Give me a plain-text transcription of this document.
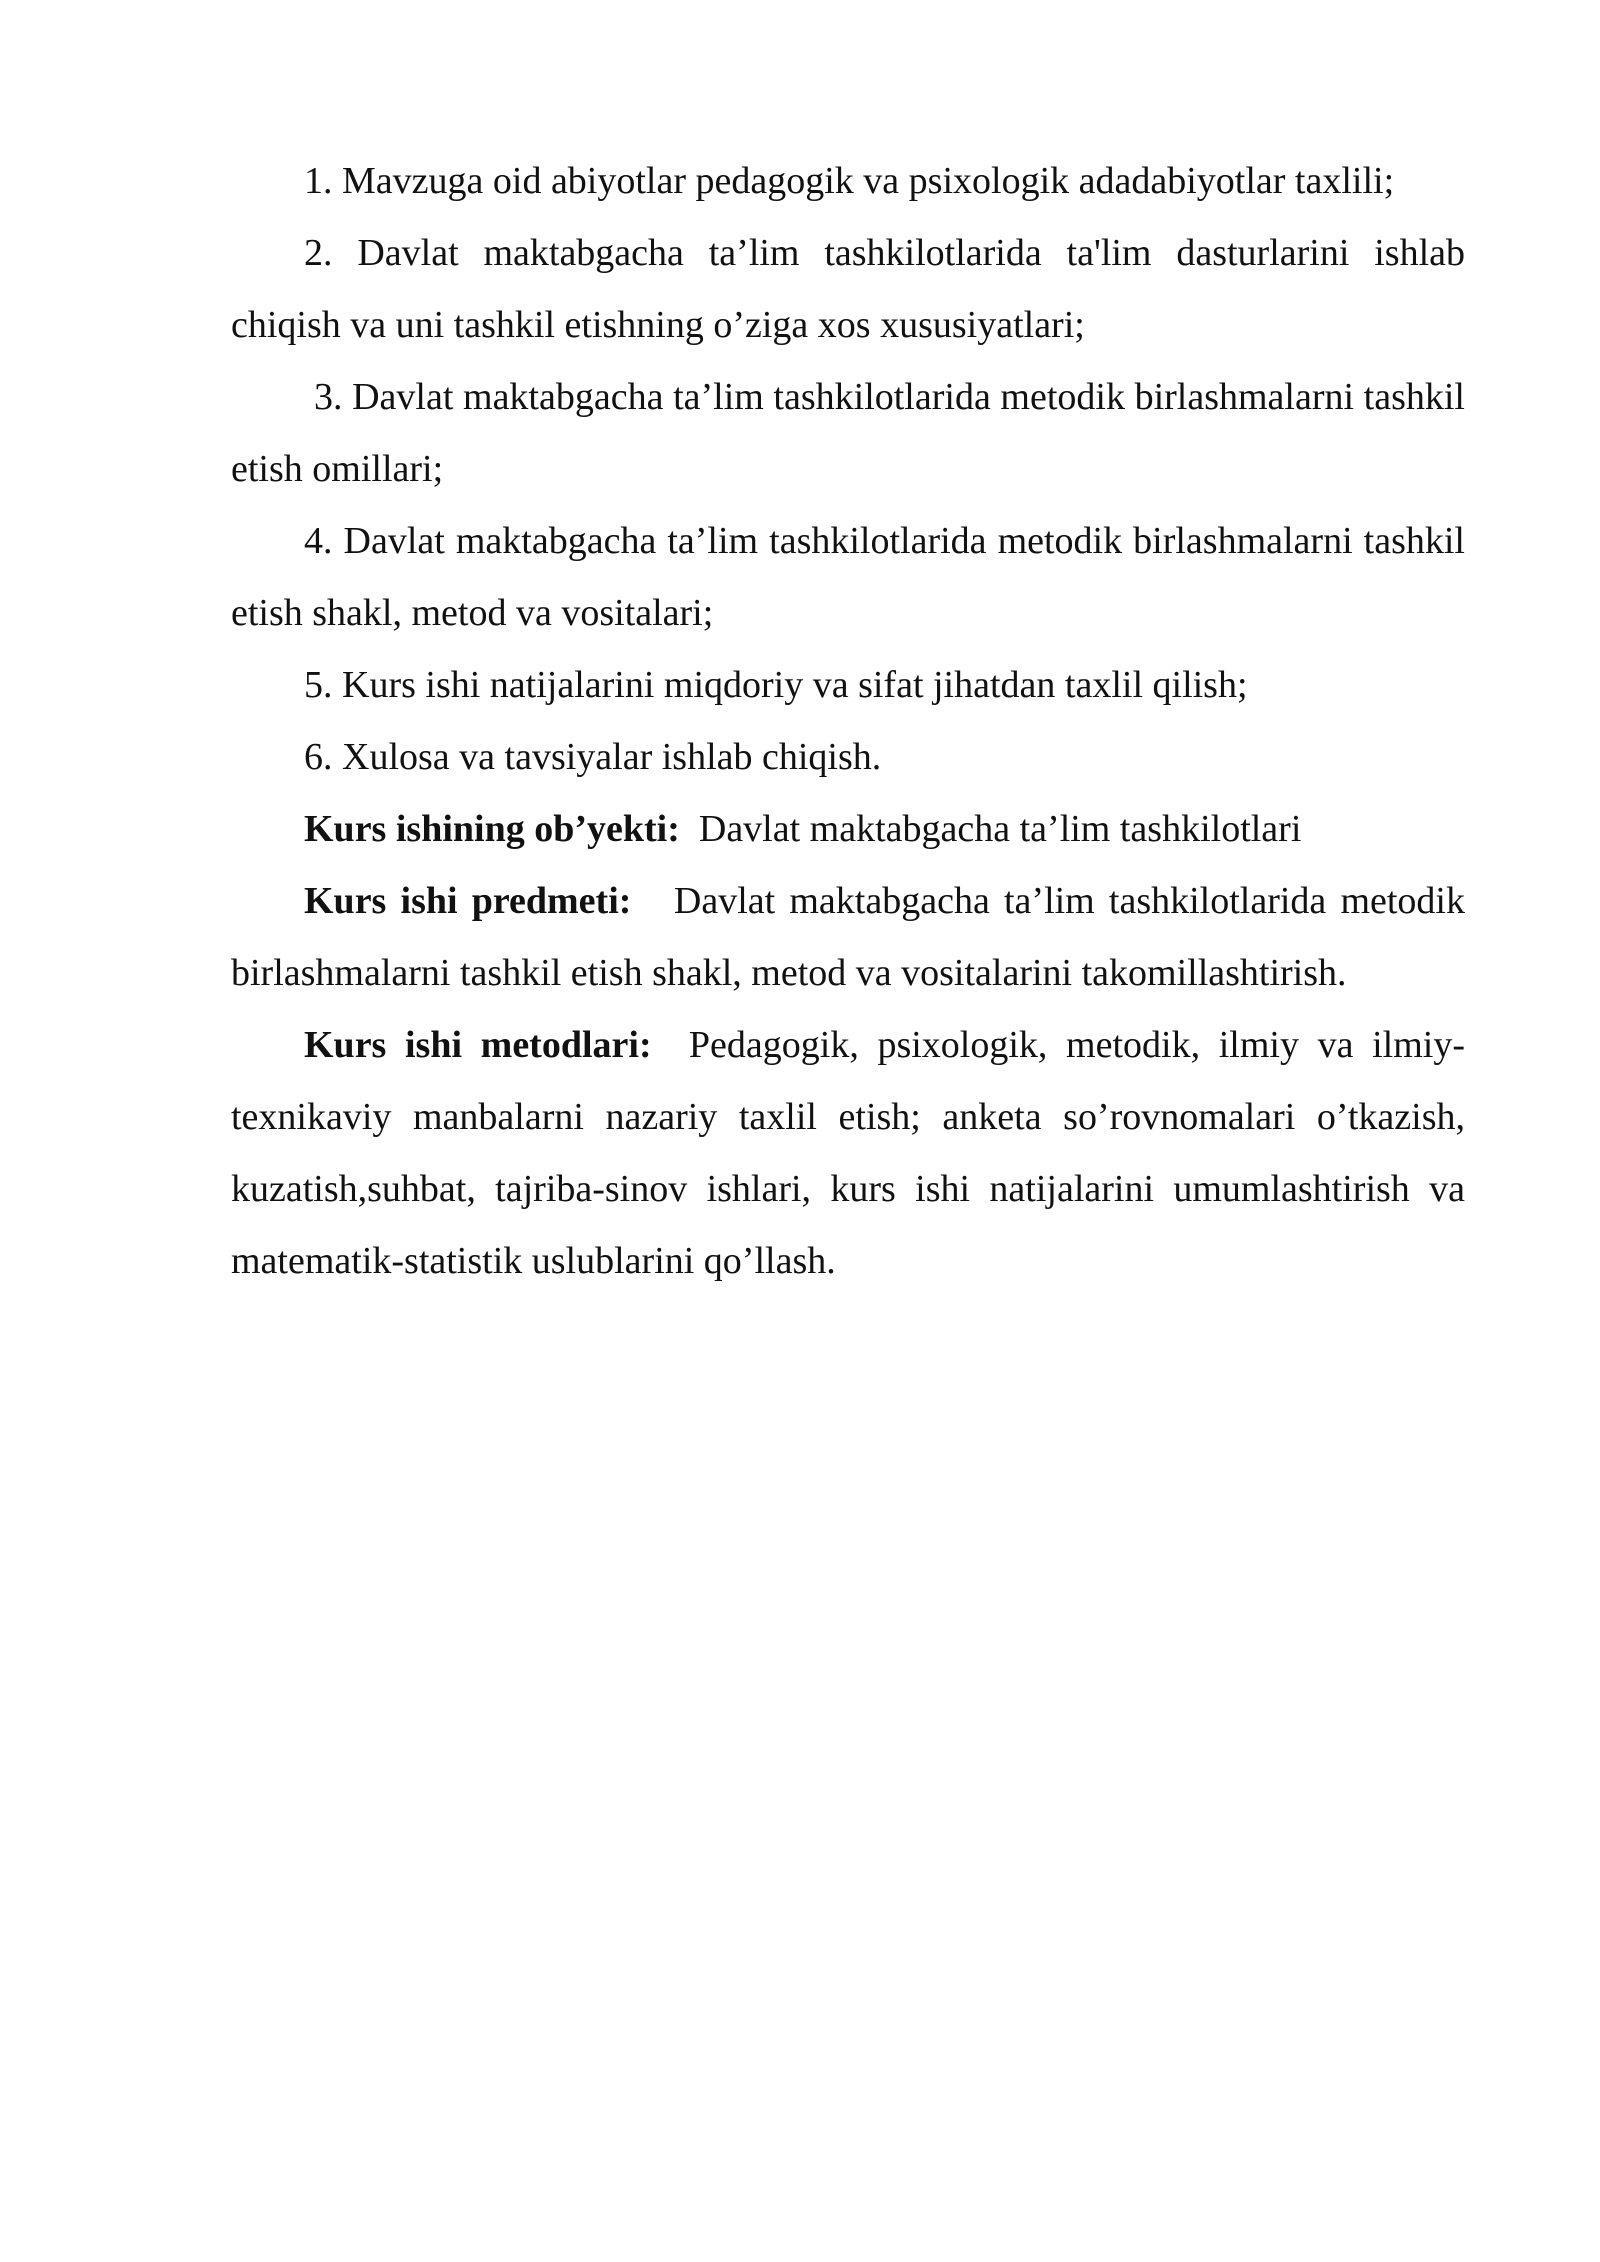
1. Mavzuga oid abiyotlar pedagogik va psixologik adadabiyotlar taxlili;

2. Davlat maktabgacha ta’lim tashkilotlarida ta'lim dasturlarini ishlab chiqish va uni tashkil etishning o’ziga xos xususiyatlari;

3. Davlat maktabgacha ta’lim tashkilotlarida metodik birlashmalarni tashkil etish omillari;

4. Davlat maktabgacha ta’lim tashkilotlarida metodik birlashmalarni tashkil etish shakl, metod va vositalari;

5. Kurs ishi natijalarini miqdoriy va sifat jihatdan taxlil qilish;

6. Xulosa va tavsiyalar ishlab chiqish.

Kurs ishining ob’yekti: Davlat maktabgacha ta’lim tashkilotlari

Kurs ishi predmeti: Davlat maktabgacha ta’lim tashkilotlarida metodik birlashmalarni tashkil etish shakl, metod va vositalarini takomillashtirish.

Kurs ishi metodlari: Pedagogik, psixologik, metodik, ilmiy va ilmiy-texnikaviy manbalarni nazariy taxlil etish; anketa so’rovnomalari o’tkazish, kuzatish,suhbat, tajriba-sinov ishlari, kurs ishi natijalarini umumlashtirish va matematik-statistik uslublarini qo’llash.
